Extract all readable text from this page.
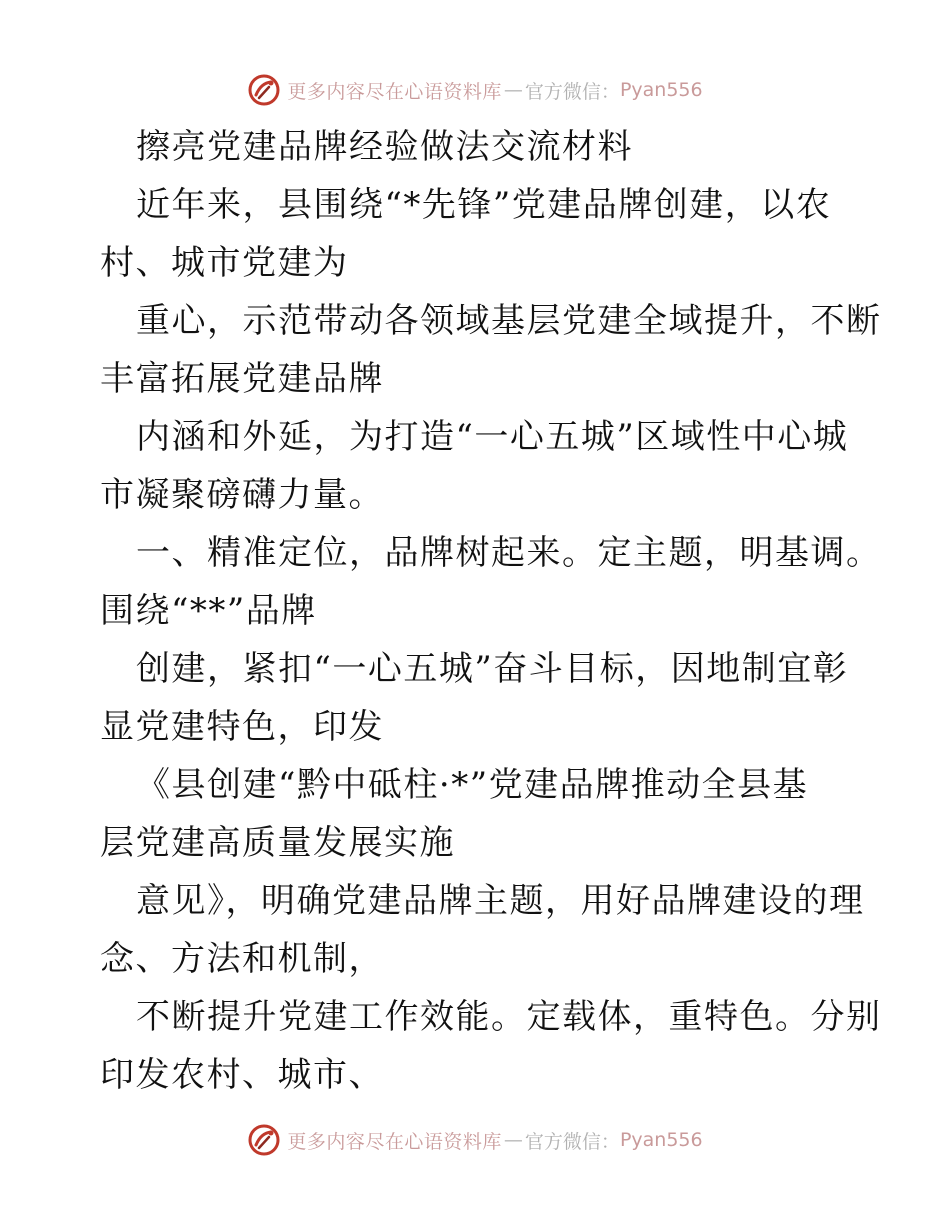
更多内容尽在心语资料库 — 官方微信： Pyan556
擦亮党建品牌经验做法交流材料
近年来，县围绕“*先锋”党建品牌创建，以农
村、城市党建为
重心，示范带动各领域基层党建全域提升，不断
丰富拓展党建品牌
内涵和外延，为打造“一心五城”区域性中心城
市凝聚磅礴力量。
一、精准定位，品牌树起来。定主题，明基调。
围绕“**”品牌
创建，紧扣“一心五城”奋斗目标，因地制宜彰
显党建特色，印发
《县创建“黔中砥柱·*”党建品牌推动全县基
层党建高质量发展实施
意见》，明确党建品牌主题，用好品牌建设的理
念、方法和机制，
不断提升党建工作效能。定载体，重特色。分别
印发农村、城市、
更多内容尽在心语资料库 — 官方微信： Pyan556
